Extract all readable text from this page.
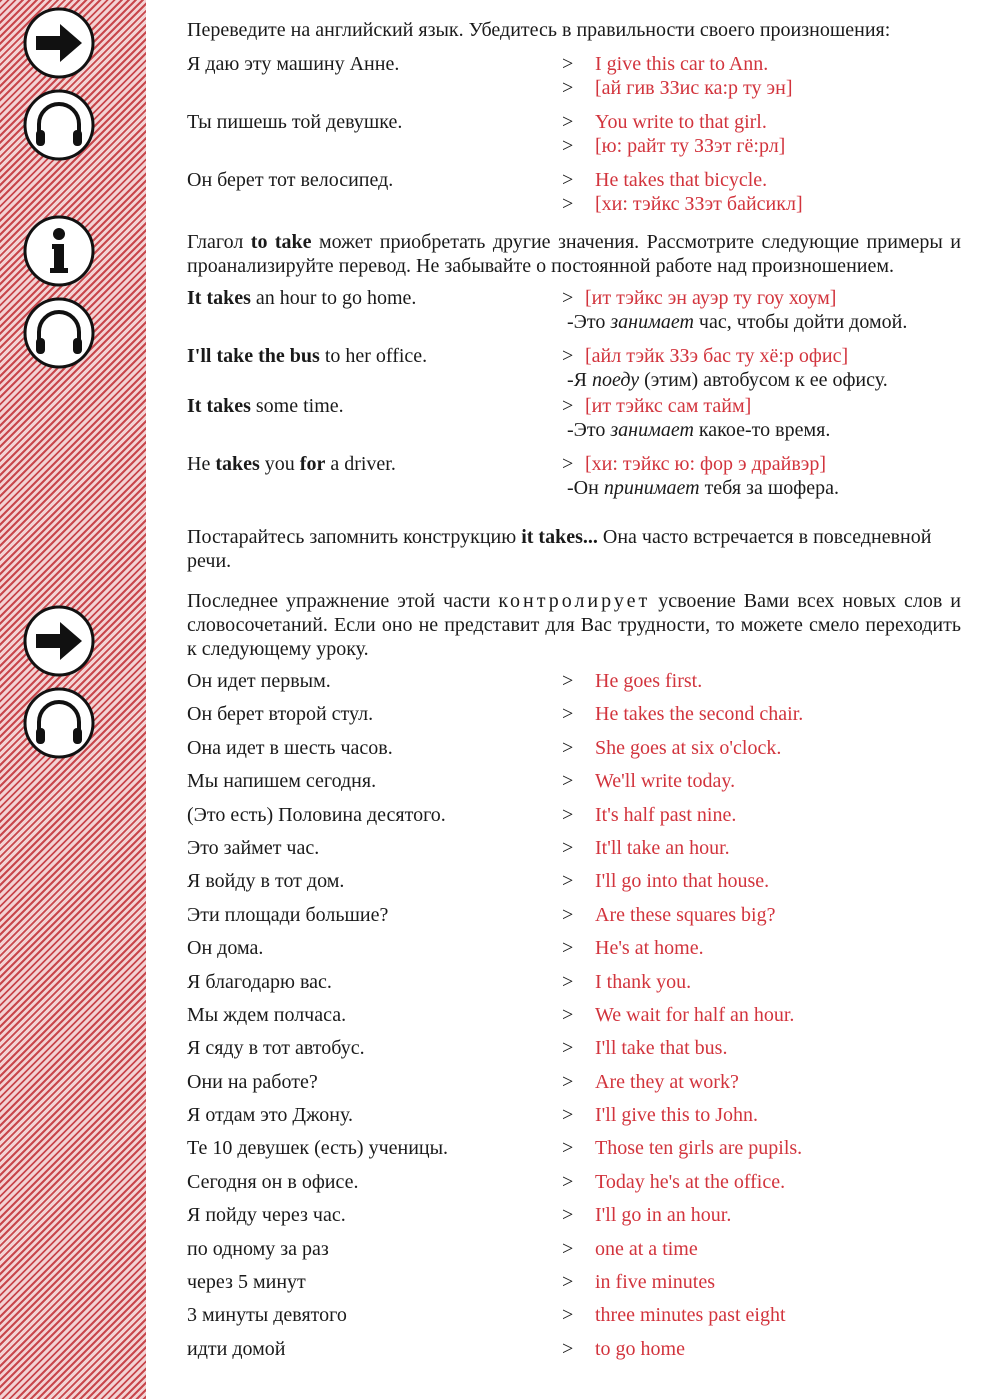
Переведите на английский язык. Убедитесь в правильности своего произношения:

Я даю эту машину Анне.	> I give this car to Ann.
> [ай гив ЗЗис ка:р ту эн]
Ты пишешь той девушке.	> You write to that girl.
> [ю: райт ту ЗЗэт гё:рл]
Он берет тот велосипед.	> He takes that bicycle.
> [хи: тэйкс ЗЗэт байсикл]

Глагол to take может приобретать другие значения. Рассмотрите следующие примеры и проанализируйте перевод. Не забывайте о постоянной работе над произношением.

It takes an hour to go home.	> [ит тэйкс эн ауэр ту гоу хоум]
-Это занимает час, чтобы дойти домой.
I'll take the bus to her office.	> [айл тэйк ЗЗэ бас ту хё:р офис]
-Я поеду (этим) автобусом к ее офису.
It takes some time.	> [ит тэйкс сам тайм]
-Это занимает какое-то время.
He takes you for a driver.	> [хи: тэйкс ю: фор э драйвэр]
-Он принимает тебя за шофера.

Постарайтесь запомнить конструкцию it takes... Она часто встречается в повседневной речи.

Последнее упражнение этой части контролирует усвоение Вами всех новых слов и словосочетаний. Если оно не представит для Вас трудности, то можете смело переходить к следующему уроку.

Он идет первым.	> He goes first.
Он берет второй стул.	> He takes the second chair.
Она идет в шесть часов.	> She goes at six o'clock.
Мы напишем сегодня.	> We'll write today.
(Это есть) Половина десятого.	> It's half past nine.
Это займет час.	> It'll take an hour.
Я войду в тот дом.	> I'll go into that house.
Эти площади большие?	> Are these squares big?
Он дома.	> He's at home.
Я благодарю вас.	> I thank you.
Мы ждем полчаса.	> We wait for half an hour.
Я сяду в тот автобус.	> I'll take that bus.
Они на работе?	> Are they at work?
Я отдам это Джону.	> I'll give this to John.
Те 10 девушек (есть) ученицы.	> Those ten girls are pupils.
Сегодня он в офисе.	> Today he's at the office.
Я пойду через час.	> I'll go in an hour.
по одному за раз	> one at a time
через 5 минут	> in five minutes
3 минуты девятого	> three minutes past eight
идти домой	> to go home
